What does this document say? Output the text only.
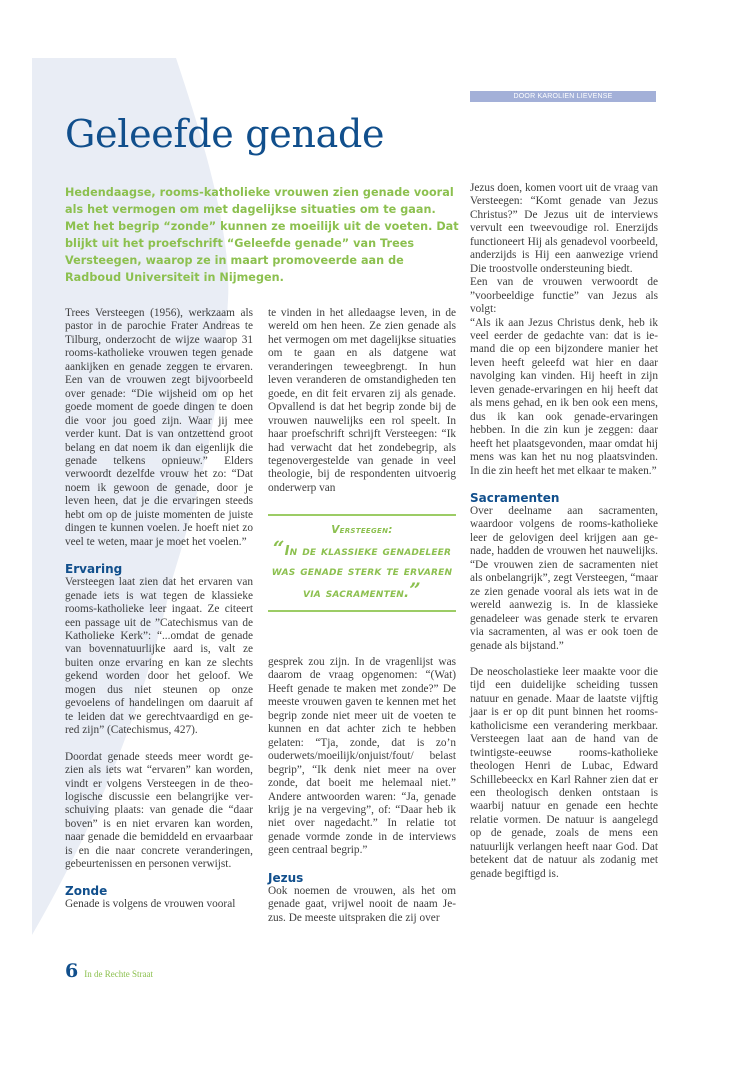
DOOR KAROLIEN LIEVENSE
Geleefde genade

Hedendaagse, rooms-katholieke vrouwen zien genade vooral als het vermogen om met dagelijkse situaties om te gaan. Met het begrip “zonde” kunnen ze moeilijk uit de voeten. Dat blijkt uit het proefschrift “Geleefde genade” van Trees Versteegen, waarop ze in maart promoveerde aan de Radboud Universiteit in Nijmegen.

Trees Versteegen (1956), werkzaam als pastor in de parochie Frater Andreas te Tilburg, onderzocht de wijze waarop 31 rooms-katholieke vrouwen tegen genade aankijken en genade zeggen te ervaren. Een van de vrouwen zegt bijvoorbeeld over genade: “Die wijsheid om op het goede moment de goede dingen te doen die voor jou goed zijn. Waar jij mee verder kunt. Dat is van ontzettend groot belang en dat noem ik dan eigenlijk die genade telkens opnieuw.” Elders verwoordt dezelfde vrouw het zo: “Dat noem ik gewoon de genade, door je leven heen, dat je die ervaringen steeds hebt om op de juiste momenten de juiste dingen te kunnen voelen. Je hoeft niet zo veel te weten, maar je moet het voelen.”

Ervaring

Versteegen laat zien dat het ervaren van genade iets is wat tegen de klassieke rooms-katholieke leer ingaat. Ze citeert een passage uit de ”Catechismus van de Katholieke Kerk”: “...omdat de genade van bovennatuurlijke aard is, valt ze buiten onze ervaring en kan ze slechts gekend worden door het geloof. We mogen dus niet steunen op onze gevoelens of handelingen om daaruit af te leiden dat we gerechtvaardigd en gered zijn” (Catechismus, 427).

Doordat genade steeds meer wordt gezien als iets wat “ervaren” kan worden, vindt er volgens Versteegen in de theologische discussie een belangrijke verschuiving plaats: van genade die “daar boven” is en niet ervaren kan worden, naar genade die bemiddeld en ervaarbaar is en die naar concrete veranderingen, gebeurtenissen en personen verwijst.

Zonde

Genade is volgens de vrouwen vooral

te vinden in het alledaagse leven, in de wereld om hen heen. Ze zien genade als het vermogen om met dagelijkse situaties om te gaan en als datgene wat veranderingen teweegbrengt. In hun leven veranderen de omstandigheden ten goede, en dit feit ervaren zij als genade. Opvallend is dat het begrip zonde bij de vrouwen nauwelijks een rol speelt. In haar proefschrift schrijft Versteegen: “Ik had verwacht dat het zondebegrip, als tegenovergestelde van genade in veel theologie, bij de respondenten uitvoerig onderwerp van

Versteegen:
“In de klassieke genadeleer was genade sterk te ervaren via sacramenten.”

gesprek zou zijn. In de vragenlijst was daarom de vraag opgenomen: “(Wat) Heeft genade te maken met zonde?” De meeste vrouwen gaven te kennen met het begrip zonde niet meer uit de voeten te kunnen en dat achter zich te hebben gelaten: “Tja, zonde, dat is zo’n ouderwets/moeilijk/onjuist/fout/ belast begrip”, “Ik denk niet meer na over zonde, dat boeit me helemaal niet.” Andere antwoorden waren: “Ja, genade krijg je na vergeving”, of: “Daar heb ik niet over nagedacht.” In relatie tot genade vormde zonde in de interviews geen centraal begrip.”

Jezus

Ook noemen de vrouwen, als het om genade gaat, vrijwel nooit de naam Jezus. De meeste uitspraken die zij over

Jezus doen, komen voort uit de vraag van Versteegen: “Komt genade van Jezus Christus?” De Jezus uit de interviews vervult een tweevoudige rol. Enerzijds functioneert Hij als genadevol voorbeeld, anderzijds is Hij een aanwezige vriend Die troostvolle ondersteuning biedt.

Een van de vrouwen verwoordt de ”voorbeeldige functie” van Jezus als volgt:

“Als ik aan Jezus Christus denk, heb ik veel eerder de gedachte van: dat is iemand die op een bijzondere manier het leven heeft geleefd wat hier en daar navolging kan vinden. Hij heeft in zijn leven genade-ervaringen en hij heeft dat als mens gehad, en ik ben ook een mens, dus ik kan ook genade-ervaringen hebben. In die zin kun je zeggen: daar heeft het plaatsgevonden, maar omdat hij mens was kan het nu nog plaatsvinden. In die zin heeft het met elkaar te maken.”

Sacramenten

Over deelname aan sacramenten, waardoor volgens de rooms-katholieke leer de gelovigen deel krijgen aan genade, hadden de vrouwen het nauwelijks. “De vrouwen zien de sacramenten niet als onbelangrijk”, zegt Versteegen, “maar ze zien genade vooral als iets wat in de wereld aanwezig is. In de klassieke genadeleer was genade sterk te ervaren via sacramenten, al was er ook toen de genade als bijstand.”

De neoscholastieke leer maakte voor die tijd een duidelijke scheiding tussen natuur en genade. Maar de laatste vijftig jaar is er op dit punt binnen het rooms-katholicisme een verandering merkbaar. Versteegen laat aan de hand van de twintigste-eeuwse rooms-katholieke theologen Henri de Lubac, Edward Schillebeeckx en Karl Rahner zien dat er een theologisch denken ontstaan is waarbij natuur en genade een hechte relatie vormen. De natuur is aangelegd op de genade, zoals de mens een natuurlijk verlangen heeft naar God. Dat betekent dat de natuur als zodanig met genade begiftigd is.

6 In de Rechte Straat
